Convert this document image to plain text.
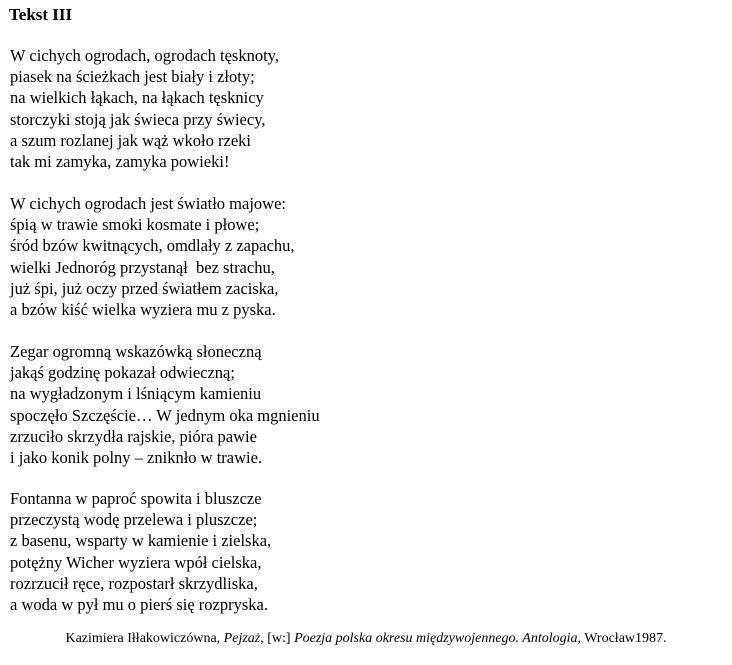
Tekst III
W cichych ogrodach, ogrodach tęsknoty,
piasek na ścieżkach jest biały i złoty;
na wielkich łąkach, na łąkach tęsknicy
storczyki stoją jak świeca przy świecy,
a szum rozlanej jak wąż wkoło rzeki
tak mi zamyka, zamyka powieki!
W cichych ogrodach jest światło majowe:
śpią w trawie smoki kosmate i płowe;
śród bzów kwitnących, omdlały z zapachu,
wielki Jednoróg przystanął  bez strachu,
już śpi, już oczy przed światłem zaciska,
a bzów kiść wielka wyziera mu z pyska.
Zegar ogromną wskazówką słoneczną
jakąś godzinę pokazał odwieczną;
na wygładzonym i lśniącym kamieniu
spoczęło Szczęście… W jednym oka mgnieniu
zrzuciło skrzydła rajskie, pióra pawie
i jako konik polny – zniknło w trawie.
Fontanna w paproć spowita i bluszcze
przeczystą wodę przelewa i pluszcze;
z basenu, wsparty w kamienie i zielska,
potężny Wicher wyziera wpół cielska,
rozrzucił ręce, rozpostarł skrzydliska,
a woda w pył mu o pierś się rozpryska.
Kazimiera Iłłakowiczówna, Pejzaż, [w:] Poezja polska okresu międzywojennego. Antologia, Wrocław1987.
